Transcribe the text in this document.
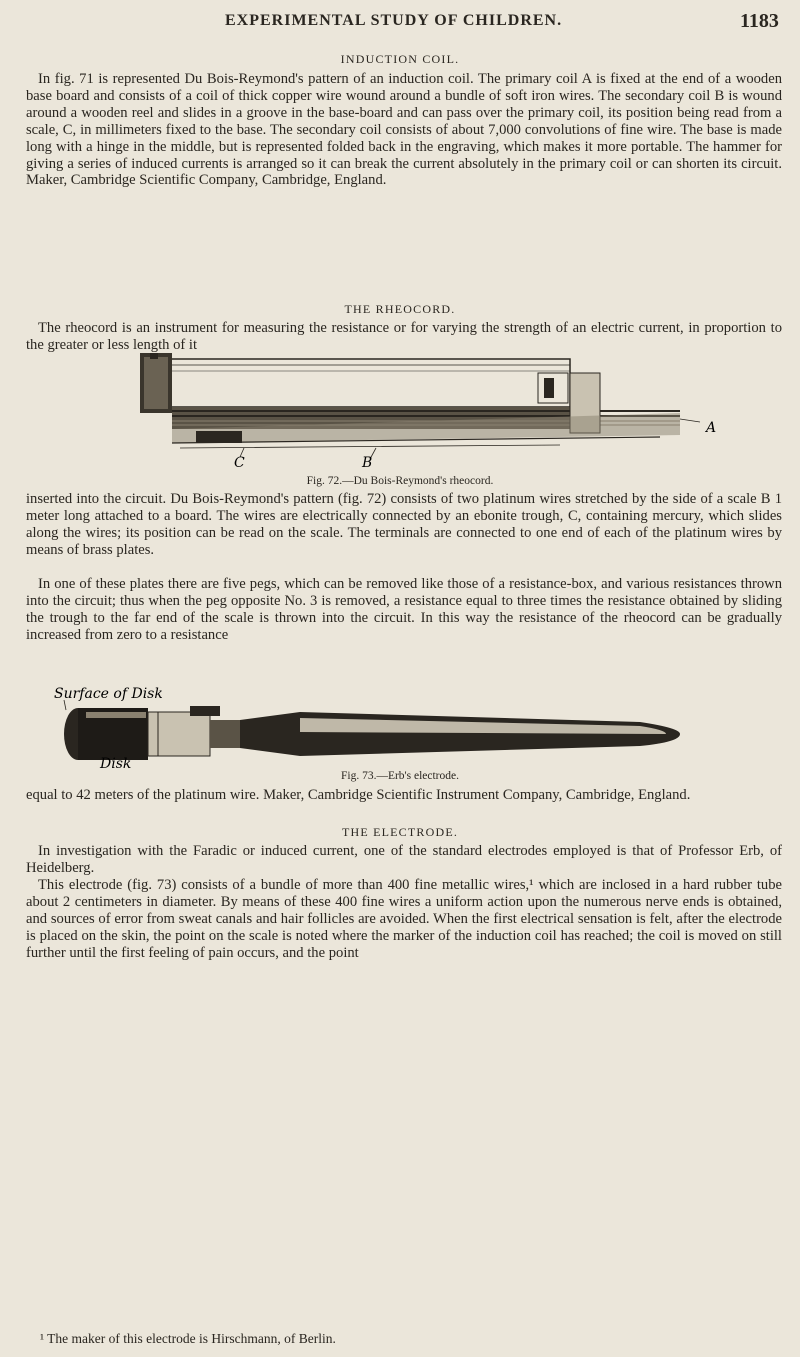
EXPERIMENTAL STUDY OF CHILDREN.	1183
INDUCTION COIL.

In fig. 71 is represented Du Bois-Reymond's pattern of an induction coil. The primary coil A is fixed at the end of a wooden base board and consists of a coil of thick copper wire wound around a bundle of soft iron wires. The secondary coil B is wound around a wooden reel and slides in a groove in the base-board and can pass over the primary coil, its position being read from a scale, C, in millimeters fixed to the base. The secondary coil consists of about 7,000 convolutions of fine wire. The base is made long with a hinge in the middle, but is represented folded back in the engraving, which makes it more portable. The hammer for giving a series of induced currents is arranged so it can break the current absolutely in the primary coil or can shorten its circuit. Maker, Cambridge Scientific Company, Cambridge, England.

THE RHEOCORD.

The rheocord is an instrument for measuring the resistance or for varying the strength of an electric current, in proportion to the greater or less length of it

C	B
A
Fig. 72.—Du Bois-Reymond's rheocord.

inserted into the circuit. Du Bois-Reymond's pattern (fig. 72) consists of two platinum wires stretched by the side of a scale B 1 meter long attached to a board. The wires are electrically connected by an ebonite trough, C, containing mercury, which slides along the wires; its position can be read on the scale. The terminals are connected to one end of each of the platinum wires by means of brass plates.

In one of these plates there are five pegs, which can be removed like those of a resistance-box, and various resistances thrown into the circuit; thus when the peg opposite No. 3 is removed, a resistance equal to three times the resistance obtained by sliding the trough to the far end of the scale is thrown into the circuit. In this way the resistance of the rheocord can be gradually increased from zero to a resistance

Surface of Disk
Disk
Fig. 73.—Erb's electrode.

equal to 42 meters of the platinum wire. Maker, Cambridge Scientific Instrument Company, Cambridge, England.

THE ELECTRODE.

In investigation with the Faradic or induced current, one of the standard electrodes employed is that of Professor Erb, of Heidelberg.

This electrode (fig. 73) consists of a bundle of more than 400 fine metallic wires,¹ which are inclosed in a hard rubber tube about 2 centimeters in diameter. By means of these 400 fine wires a uniform action upon the numerous nerve ends is obtained, and sources of error from sweat canals and hair follicles are avoided. When the first electrical sensation is felt, after the electrode is placed on the skin, the point on the scale is noted where the marker of the induction coil has reached; the coil is moved on still further until the first feeling of pain occurs, and the point

¹ The maker of this electrode is Hirschmann, of Berlin.
